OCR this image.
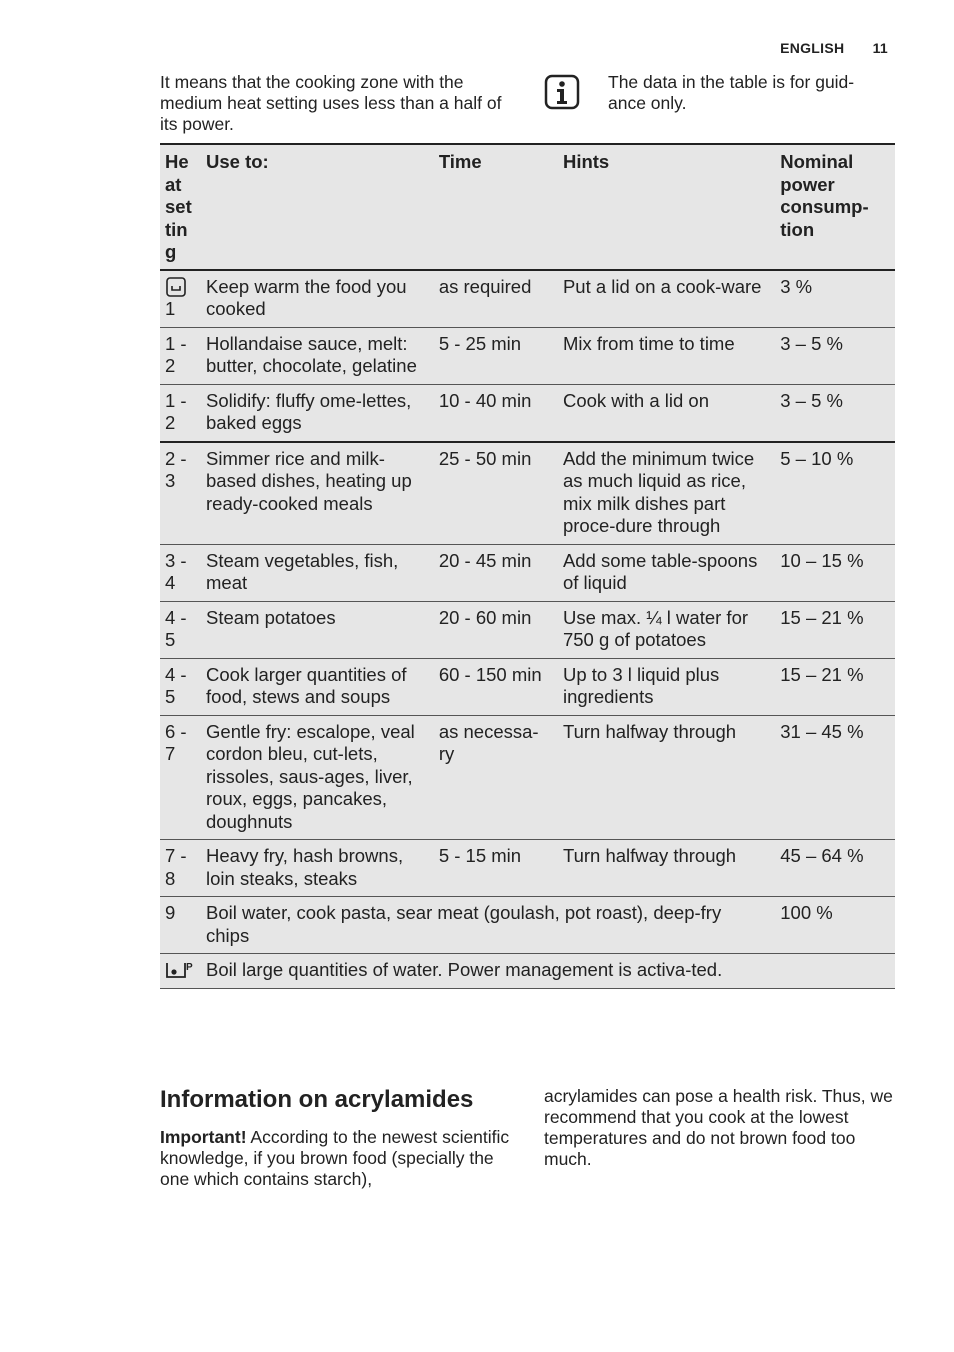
ENGLISH 11
It means that the cooking zone with the medium heat setting uses less than a half of its power.
The data in the table is for guid-ance only.
He at set tin g	Use to:	Time	Hints	Nominal power consump-tion

1	Keep warm the food you cooked	as required	Put a lid on a cook-ware	3 %
1 - 2	Hollandaise sauce, melt: butter, chocolate, gelatine	5 - 25 min	Mix from time to time	3 – 5 %
1 - 2	Solidify: fluffy ome-lettes, baked eggs	10 - 40 min	Cook with a lid on	3 – 5 %
2 - 3	Simmer rice and milk-based dishes, heating up ready-cooked meals	25 - 50 min	Add the minimum twice as much liquid as rice, mix milk dishes part proce-dure through	5 – 10 %
3 - 4	Steam vegetables, fish, meat	20 - 45 min	Add some table-spoons of liquid	10 – 15 %
4 - 5	Steam potatoes	20 - 60 min	Use max. ¼ l water for 750 g of potatoes	15 – 21 %
4 - 5	Cook larger quantities of food, stews and soups	60 - 150 min	Up to 3 l liquid plus ingredients	15 – 21 %
6 - 7	Gentle fry: escalope, veal cordon bleu, cut-lets, rissoles, saus-ages, liver, roux, eggs, pancakes, doughnuts	as necessa-ry	Turn halfway through	31 – 45 %
7 - 8	Heavy fry, hash browns, loin steaks, steaks	5 - 15 min	Turn halfway through	45 – 64 %
9	Boil water, cook pasta, sear meat (goulash, pot roast), deep-fry chips			100 %

P	Boil large quantities of water. Power management is activa-ted.			
Information on acrylamides
Important! According to the newest scientific knowledge, if you brown food (specially the one which contains starch),
acrylamides can pose a health risk. Thus, we recommend that you cook at the lowest temperatures and do not brown food too much.
